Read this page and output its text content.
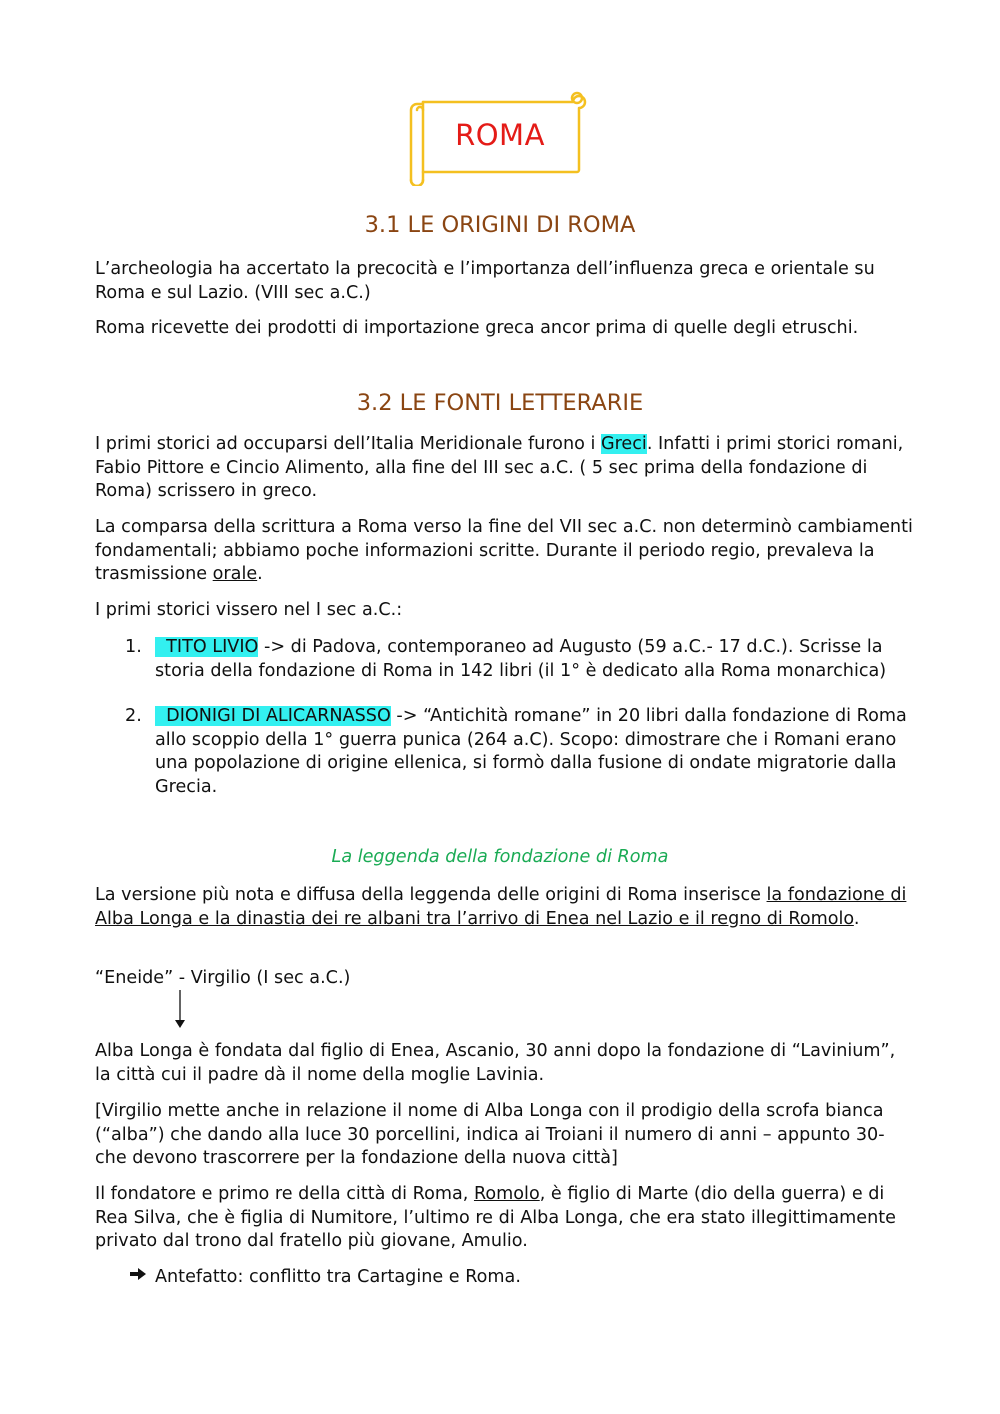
ROMA
3.1 LE ORIGINI DI ROMA

L’archeologia ha accertato la precocità e l’importanza dell’influenza greca e orientale su Roma e sul Lazio. (VIII sec a.C.)

Roma ricevette dei prodotti di importazione greca ancor prima di quelle degli etruschi.

3.2 LE FONTI LETTERARIE

I primi storici ad occuparsi dell’Italia Meridionale furono i Greci. Infatti i primi storici romani, Fabio Pittore e Cincio Alimento, alla fine del III sec a.C. ( 5 sec prima della fondazione di Roma) scrissero in greco.

La comparsa della scrittura a Roma verso la fine del VII sec a.C. non determinò cambiamenti fondamentali; abbiamo poche informazioni scritte. Durante il periodo regio, prevaleva la trasmissione orale.

I primi storici vissero nel I sec a.C.:

1. TITO LIVIO -> di Padova, contemporaneo ad Augusto (59 a.C.- 17 d.C.). Scrisse la storia della fondazione di Roma in 142 libri (il 1° è dedicato alla Roma monarchica)

2. DIONIGI DI ALICARNASSO -> “Antichità romane” in 20 libri dalla fondazione di Roma allo scoppio della 1° guerra punica (264 a.C). Scopo: dimostrare che i Romani erano una popolazione di origine ellenica, si formò dalla fusione di ondate migratorie dalla Grecia.

La leggenda della fondazione di Roma

La versione più nota e diffusa della leggenda delle origini di Roma inserisce la fondazione di Alba Longa e la dinastia dei re albani tra l’arrivo di Enea nel Lazio e il regno di Romolo.

“Eneide” - Virgilio (I sec a.C.)

Alba Longa è fondata dal figlio di Enea, Ascanio, 30 anni dopo la fondazione di “Lavinium”, la città cui il padre dà il nome della moglie Lavinia.

[Virgilio mette anche in relazione il nome di Alba Longa con il prodigio della scrofa bianca (“alba”) che dando alla luce 30 porcellini, indica ai Troiani il numero di anni – appunto 30- che devono trascorrere per la fondazione della nuova città]

Il fondatore e primo re della città di Roma, Romolo, è figlio di Marte (dio della guerra) e di Rea Silva, che è figlia di Numitore, l’ultimo re di Alba Longa, che era stato illegittimamente privato dal trono dal fratello più giovane, Amulio.

Antefatto: conflitto tra Cartagine e Roma.
